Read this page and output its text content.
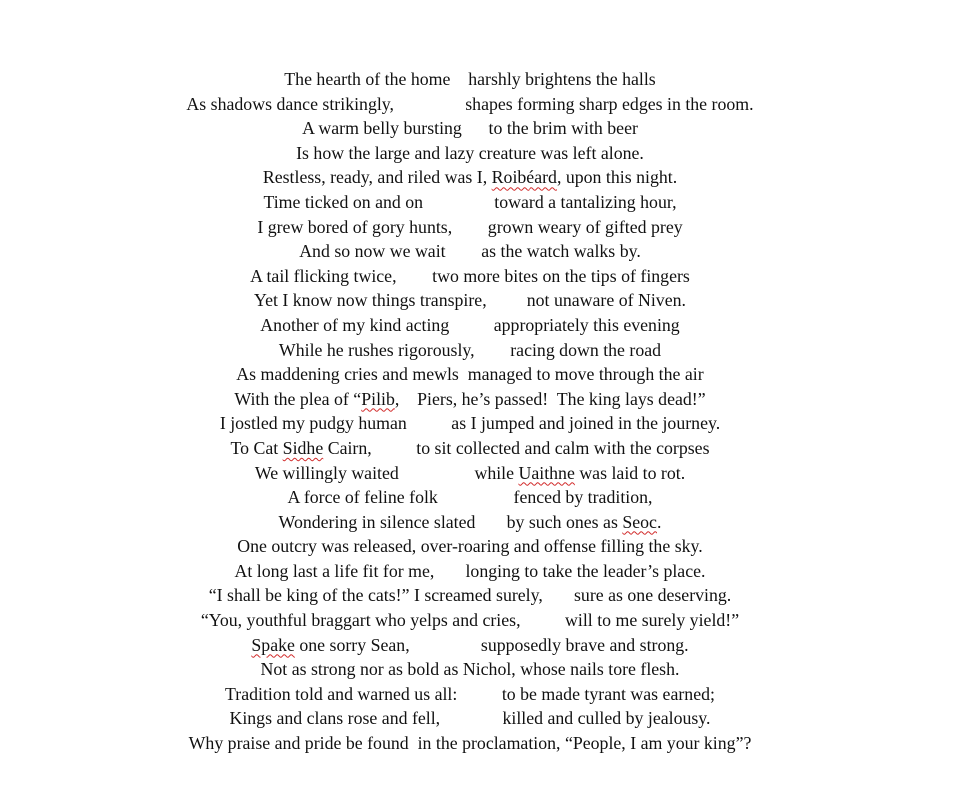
The hearth of the home    harshly brightens the halls
As shadows dance strikingly,                shapes forming sharp edges in the room.
A warm belly bursting      to the brim with beer
Is how the large and lazy creature was left alone.
Restless, ready, and riled was I, Roibéard, upon this night.
Time ticked on and on                toward a tantalizing hour,
I grew bored of gory hunts,        grown weary of gifted prey
And so now we wait        as the watch walks by.
A tail flicking twice,        two more bites on the tips of fingers
Yet I know now things transpire,         not unaware of Niven.
Another of my kind acting          appropriately this evening
While he rushes rigorously,        racing down the road
As maddening cries and mewls  managed to move through the air
With the plea of “Pilib,    Piers, he’s passed!  The king lays dead!”
I jostled my pudgy human          as I jumped and joined in the journey.
To Cat Sidhe Cairn,          to sit collected and calm with the corpses
We willingly waited                 while Uaithne was laid to rot.
A force of feline folk                 fenced by tradition,
Wondering in silence slated       by such ones as Seoc.
One outcry was released, over-roaring and offense filling the sky.
At long last a life fit for me,       longing to take the leader’s place.
“I shall be king of the cats!” I screamed surely,       sure as one deserving.
“You, youthful braggart who yelps and cries,          will to me surely yield!”
Spake one sorry Sean,                supposedly brave and strong.
Not as strong nor as bold as Nichol, whose nails tore flesh.
Tradition told and warned us all:          to be made tyrant was earned;
Kings and clans rose and fell,              killed and culled by jealousy.
Why praise and pride be found  in the proclamation, “People, I am your king”?
